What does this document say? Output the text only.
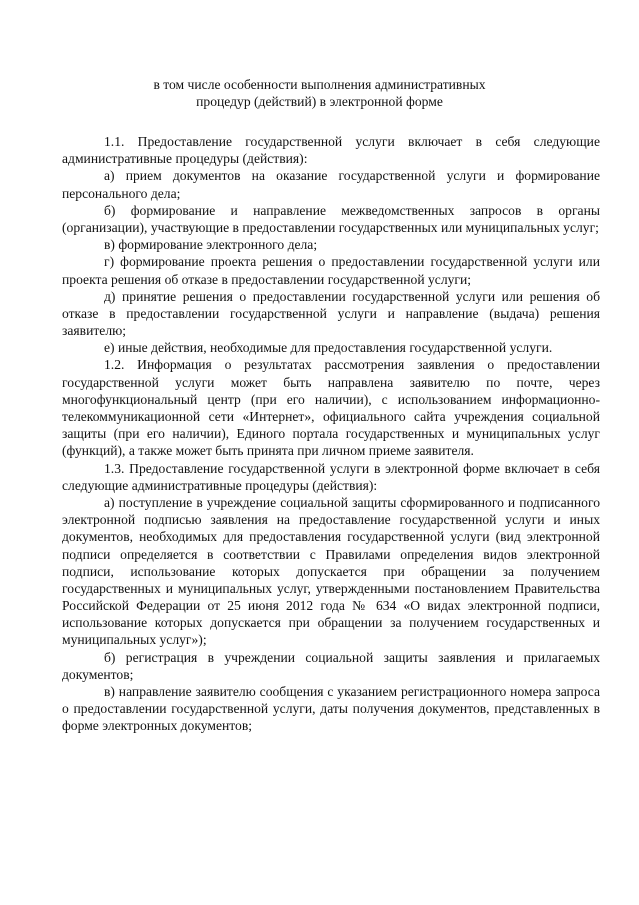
в том числе особенности выполнения административных
процедур (действий) в электронной форме

1.1. Предоставление государственной услуги включает в себя следующие административные процедуры (действия):

а) прием документов на оказание государственной услуги и формирование персонального дела;

б) формирование и направление межведомственных запросов в органы (организации), участвующие в предоставлении государственных или муниципальных услуг;

в) формирование электронного дела;

г) формирование проекта решения о предоставлении государственной услуги или проекта решения об отказе в предоставлении государственной услуги;

д) принятие решения о предоставлении государственной услуги или решения об отказе в предоставлении государственной услуги и направление (выдача) решения заявителю;

е) иные действия, необходимые для предоставления государственной услуги.

1.2. Информация о результатах рассмотрения заявления о предоставлении государственной услуги может быть направлена заявителю по почте, через многофункциональный центр (при его наличии), с использованием информационно-телекоммуникационной сети «Интернет», официального сайта учреждения социальной защиты (при его наличии), Единого портала государственных и муниципальных услуг (функций), а также может быть принята при личном приеме заявителя.

1.3. Предоставление государственной услуги в электронной форме включает в себя следующие административные процедуры (действия):

а) поступление в учреждение социальной защиты сформированного и подписанного электронной подписью заявления на предоставление государственной услуги и иных документов, необходимых для предоставления государственной услуги (вид электронной подписи определяется в соответствии с Правилами определения видов электронной подписи, использование которых допускается при обращении за получением государственных и муниципальных услуг, утвержденными постановлением Правительства Российской Федерации от 25 июня 2012 года № 634 «О видах электронной подписи, использование которых допускается при обращении за получением государственных и муниципальных услуг»);

б) регистрация в учреждении социальной защиты заявления и прилагаемых документов;

в) направление заявителю сообщения с указанием регистрационного номера запроса о предоставлении государственной услуги, даты получения документов, представленных в форме электронных документов;
